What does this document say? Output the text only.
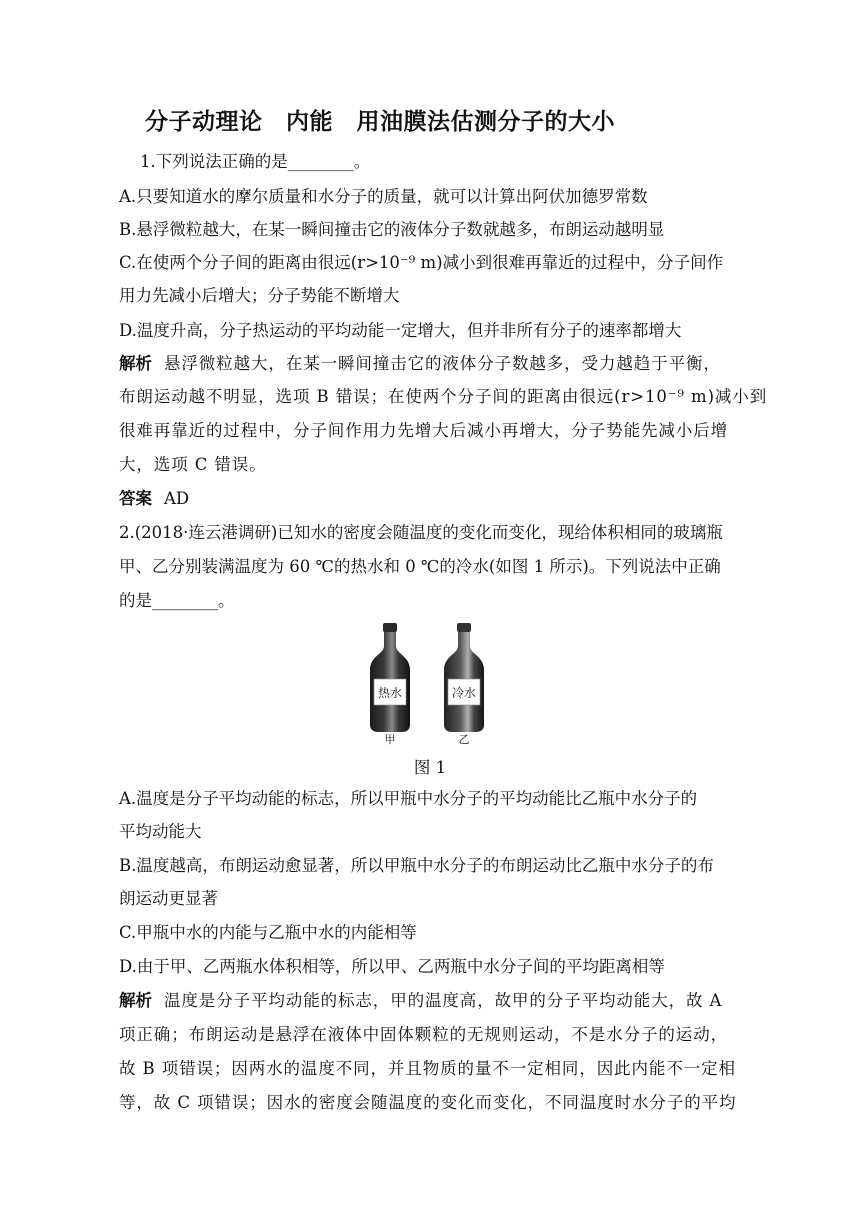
分子动理论　内能　用油膜法估测分子的大小
1.下列说法正确的是________。
A.只要知道水的摩尔质量和水分子的质量，就可以计算出阿伏加德罗常数
B.悬浮微粒越大，在某一瞬间撞击它的液体分子数就越多，布朗运动越明显
C.在使两个分子间的距离由很远(r>10⁻⁹ m)减小到很难再靠近的过程中，分子间作
用力先减小后增大；分子势能不断增大
D.温度升高，分子热运动的平均动能一定增大，但并非所有分子的速率都增大
解析 悬浮微粒越大，在某一瞬间撞击它的液体分子数越多，受力越趋于平衡，
布朗运动越不明显，选项 B 错误；在使两个分子间的距离由很远(r>10⁻⁹ m)减小到
很难再靠近的过程中，分子间作用力先增大后减小再增大，分子势能先减小后增
大，选项 C 错误。
答案 AD
2.(2018·连云港调研)已知水的密度会随温度的变化而变化，现给体积相同的玻璃瓶
甲、乙分别装满温度为 60 ℃的热水和 0 ℃的冷水(如图 1 所示)。下列说法中正确
的是________。
热水	冷水
甲	乙
图 1
A.温度是分子平均动能的标志，所以甲瓶中水分子的平均动能比乙瓶中水分子的
平均动能大
B.温度越高，布朗运动愈显著，所以甲瓶中水分子的布朗运动比乙瓶中水分子的布
朗运动更显著
C.甲瓶中水的内能与乙瓶中水的内能相等
D.由于甲、乙两瓶水体积相等，所以甲、乙两瓶中水分子间的平均距离相等
解析 温度是分子平均动能的标志，甲的温度高，故甲的分子平均动能大，故 A
项正确；布朗运动是悬浮在液体中固体颗粒的无规则运动，不是水分子的运动，
故 B 项错误；因两水的温度不同，并且物质的量不一定相同，因此内能不一定相
等，故 C 项错误；因水的密度会随温度的变化而变化，不同温度时水分子的平均
